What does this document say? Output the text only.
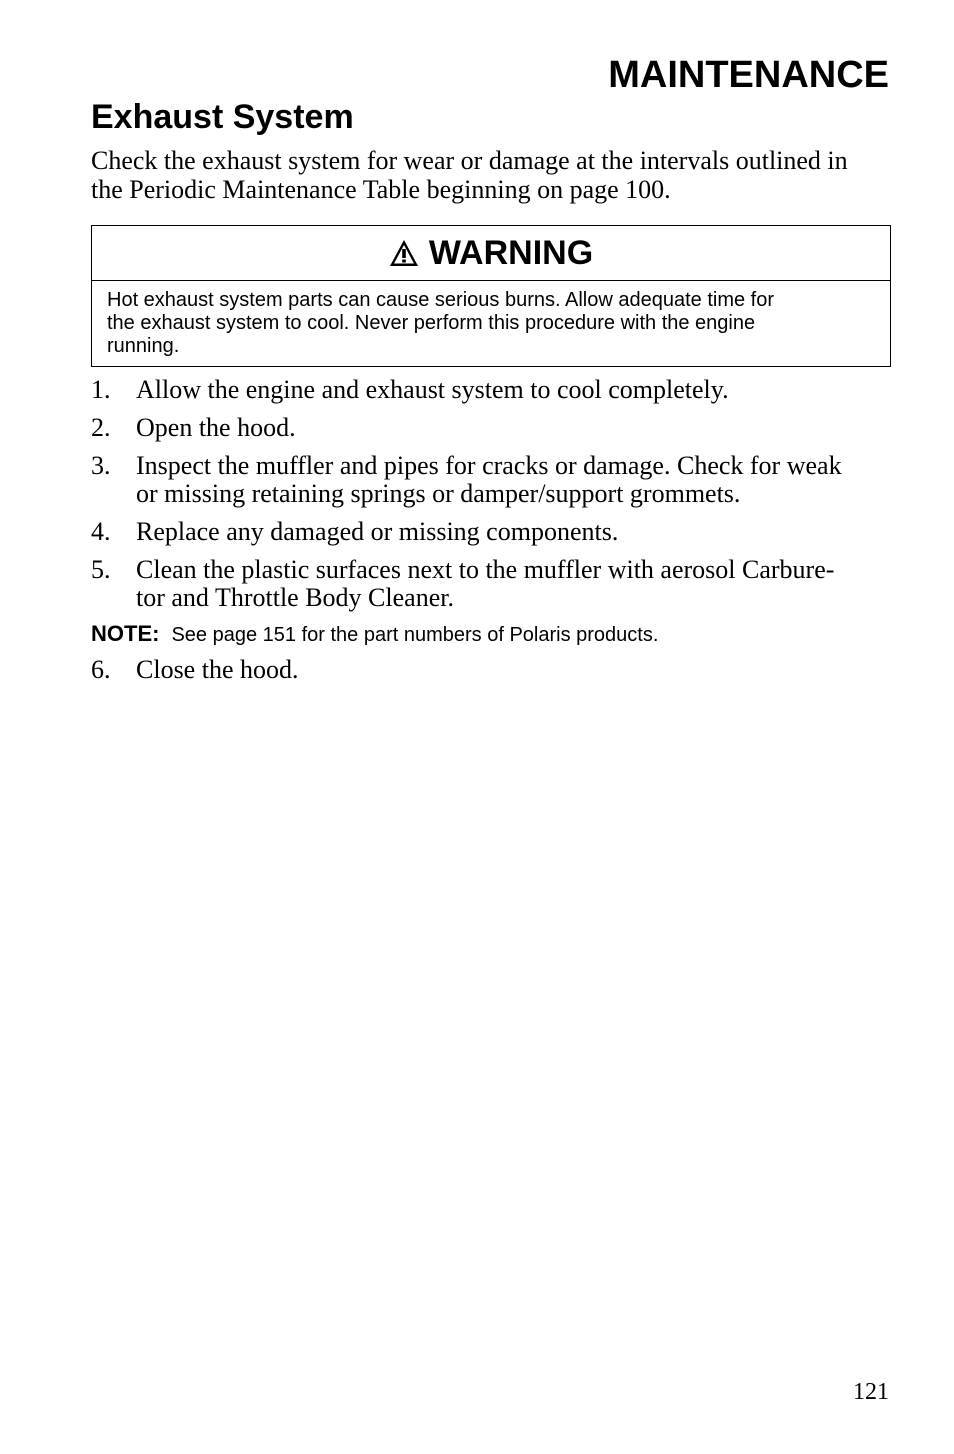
MAINTENANCE
Exhaust System
Check the exhaust system for wear or damage at the intervals outlined in
the Periodic Maintenance Table beginning on page 100.
WARNING
Hot exhaust system parts can cause serious burns. Allow adequate time for
the exhaust system to cool. Never perform this procedure with the engine
running.
1. Allow the engine and exhaust system to cool completely.
2. Open the hood.
3. Inspect the muffler and pipes for cracks or damage. Check for weak
or missing retaining springs or damper/support grommets.
4. Replace any damaged or missing components.
5. Clean the plastic surfaces next to the muffler with aerosol Carbure-
tor and Throttle Body Cleaner.
NOTE: See page 151 for the part numbers of Polaris products.
6. Close the hood.
121
